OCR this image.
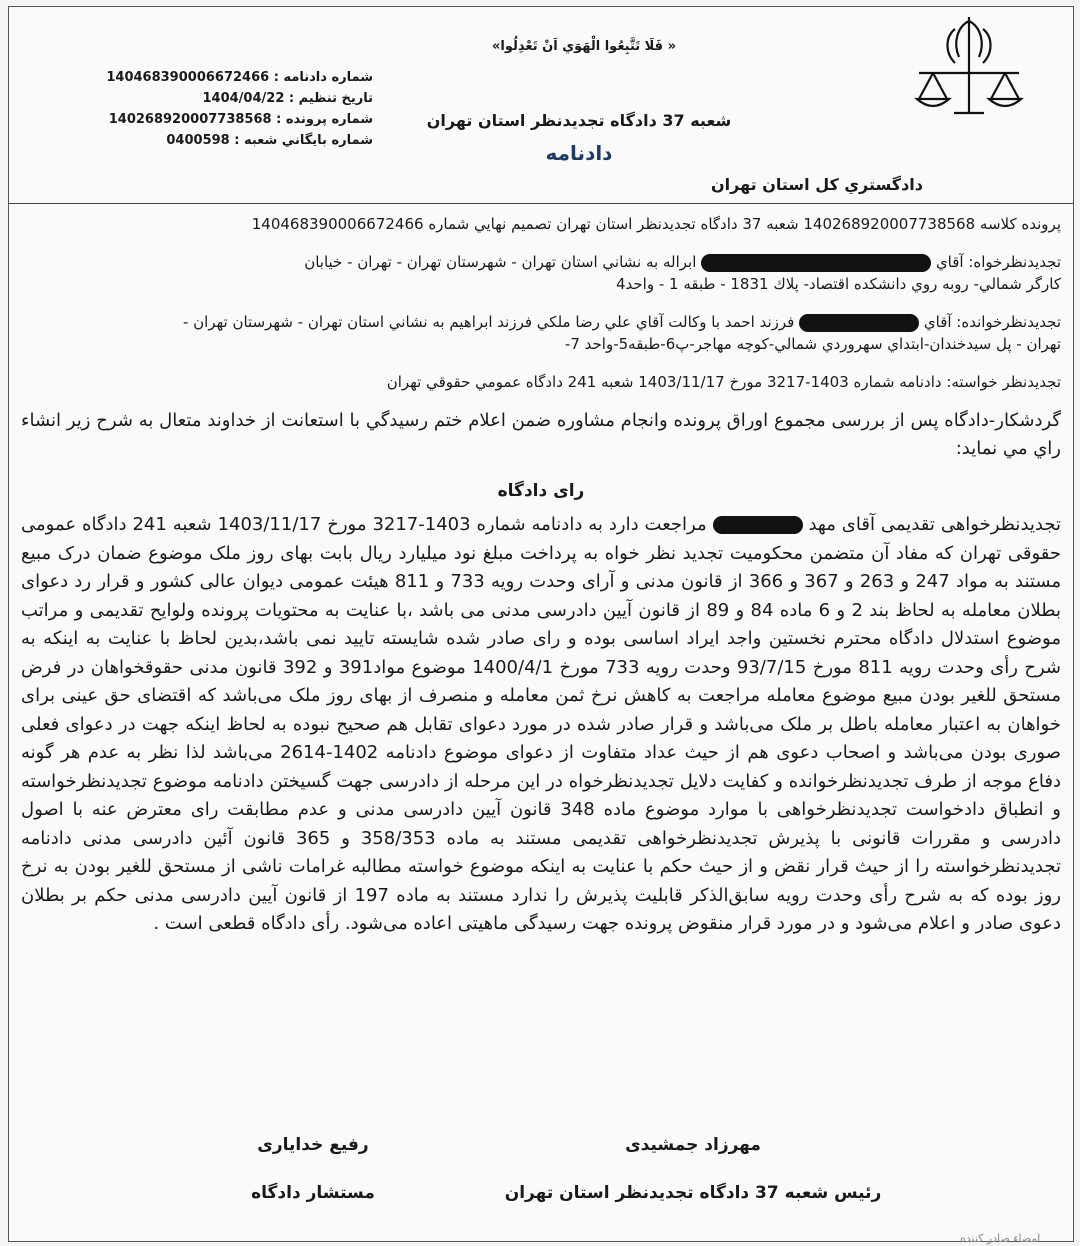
دادگستري كل استان تهران
«فَلَا تَتَّبِعُوا الْهَوَي اَنْ تَعْدِلُوا »
شعبه 37 دادگاه تجديدنظر استان تهران
دادنامه
شماره دادنامه : 140468390006672466
تاريخ تنظيم : 1404/04/22
شماره پرونده : 140268920007738568
شماره بايگاني شعبه : 0400598

پرونده كلاسه 140268920007738568 شعبه 37 دادگاه تجديدنظر استان تهران تصميم نهايي شماره 140468390006672466

تجديدنظرخواه: آقاي  ابراله به نشاني استان تهران - شهرستان تهران - تهران - خيابان

كارگر شمالي- روبه روي دانشكده اقتصاد- پلاك 1831 - طبقه 1 - واحد4

تجديدنظرخوانده: آقاي  فرزند احمد با وكالت آقاي علي رضا ملكي فرزند ابراهيم به نشاني استان تهران - شهرستان تهران -

تهران - پل سيدخندان-ابتداي سهروردي شمالي-كوچه مهاجر-پ6-طبقه5-واحد 7-

تجديدنظر خواسته: دادنامه شماره 1403-3217 مورخ 1403/11/17 شعبه 241 دادگاه عمومي حقوقي تهران

گردشكار-دادگاه پس از بررسی مجموع اوراق پرونده وانجام مشاوره ضمن اعلام ختم رسيدگي با استعانت از خداوند متعال به شرح زير انشاء راي مي نمايد:

رای دادگاه

تجديدنظرخواهی تقديمی آقای مهد  مراجعت دارد به دادنامه شماره 1403-3217 مورخ 1403/11/17 شعبه 241 دادگاه عمومی حقوقی تهران که مفاد آن متضمن محکومیت تجدید نظر خواه به پرداخت مبلغ نود میلیارد ریال بابت بهای روز ملک موضوع ضمان درک مبیع مستند به مواد 247 و 263 و 367 و 366 از قانون مدنی و آرای وحدت رویه 733 و 811 هیئت عمومی دیوان عالی کشور و قرار رد دعوای بطلان معامله به لحاظ بند 2 و 6 ماده 84 و 89 از قانون آيين دادرسی مدنی می باشد ،با عنايت به محتويات پرونده ولوايح تقديمی و مراتب موضوع استدلال دادگاه محترم نخستين واجد ايراد اساسی بوده و رای صادر شده شايسته تاييد نمی باشد،بدين لحاظ با عنايت به اينكه به شرح رأی وحدت رويه 811 مورخ 93/7/15 وحدت رويه 733 مورخ 1400/4/1 موضوع مواد391 و 392 قانون مدنی حقوقخواهان در فرض مستحق للغير بودن مبيع موضوع معامله مراجعت به كاهش نرخ ثمن معامله و منصرف از بهای روز ملک می‌باشد كه اقتضای حق عينی برای خواهان به اعتبار معامله باطل بر ملک می‌باشد و قرار صادر شده در مورد دعوای تقابل هم صحيح نبوده به لحاظ اينكه جهت در دعوای فعلی صوری بودن می‌باشد و اصحاب دعوی هم از حيث عداد متفاوت از دعوای موضوع دادنامه 1402-2614 می‌باشد لذا نظر به عدم هر گونه دفاع موجه از طرف تجديدنظرخوانده و كفايت دلايل تجديدنظرخواه در اين مرحله از دادرسی جهت گسيختن دادنامه موضوع تجديدنظرخواسته و انطباق دادخواست تجديدنظرخواهی با موارد موضوع ماده 348 قانون آيين دادرسی مدنی و عدم مطابقت رای معترض عنه با اصول دادرسی و مقررات قانونی با پذيرش تجديدنظرخواهی تقديمی مستند به ماده 358/353 و 365 قانون آئين دادرسی مدنی دادنامه تجديدنظرخواسته را از حيث قرار نقض و از حيث حكم با عنايت به اينكه موضوع خواسته مطالبه غرامات ناشی از مستحق للغير بودن به نرخ روز بوده كه به شرح رأی وحدت رويه سابق‌الذكر قابليت پذيرش را ندارد مستند به ماده 197 از قانون آيين دادرسی مدنی حكم بر بطلان دعوی صادر و اعلام می‌شود و در مورد قرار منقوض پرونده جهت رسيدگی ماهيتی اعاده می‌شود. رأی دادگاه قطعی است .

مهرزاد جمشيدی
رئيس شعبه 37 دادگاه تجديدنظر استان تهران
رفيع خدايارى
مستشار دادگاه
امضاء صادر كننده
